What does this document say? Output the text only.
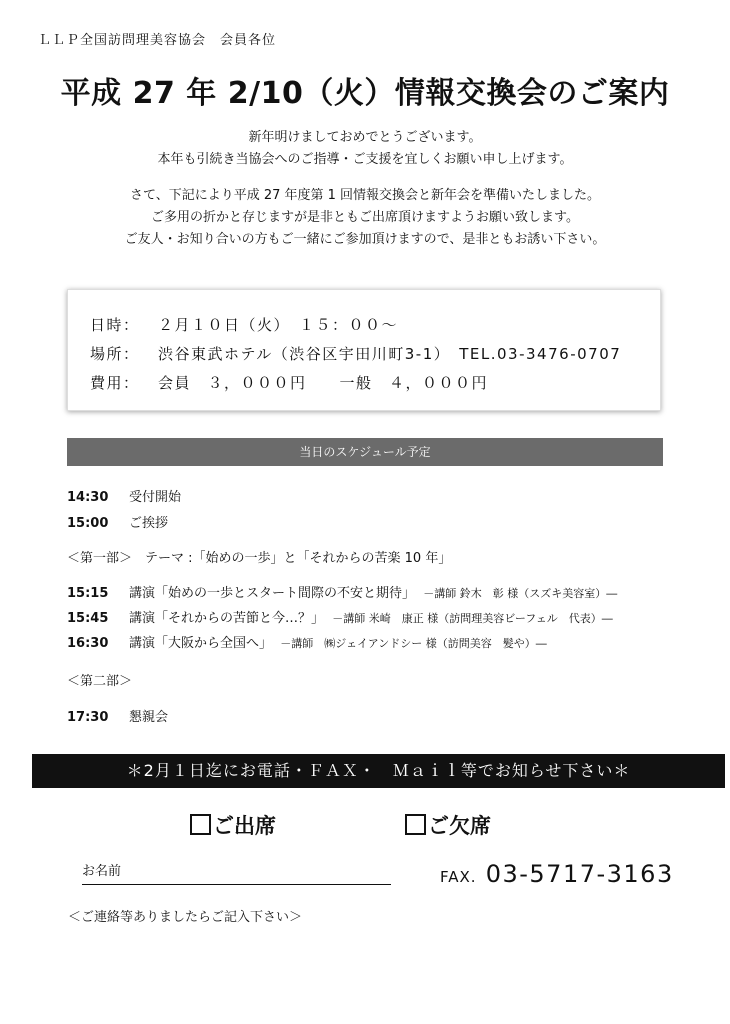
ＬＬＰ全国訪問理美容協会　会員各位
平成 27 年 2/10（火）情報交換会のご案内
新年明けましておめでとうございます。
本年も引続き当協会へのご指導・ご支援を宜しくお願い申し上げます。
さて、下記により平成 27 年度第 1 回情報交換会と新年会を準備いたしました。
ご多用の折かと存じますが是非ともご出席頂けますようお願い致します。
ご友人・お知り合いの方もご一緒にご参加頂けますので、是非ともお誘い下さい。
日時： ２月１０日（火）　１５：００～
場所： 渋谷東武ホテル（渋谷区宇田川町3-1）　TEL.03-3476-0707
費用： 会員　３，０００円　　一般　４，０００円
当日のスケジュール予定
14:30 受付開始
15:00 ご挨拶
＜第一部＞　テーマ :「始めの一歩」と「それからの苦楽 10 年」
15:15 講演「始めの一歩とスタート間際の不安と期待」 －講師 鈴木　彰 様（スズキ美容室）―
15:45 講演「それからの苦節と今…？」 －講師 米崎　康正 様（訪問理美容ビーフェル　代表）―
16:30 講演「大阪から全国へ」 －講師　㈱ジェイアンドシー 様（訪問美容　髪や）―
＜第二部＞
17:30 懇親会
＊2月１日迄にお電話・ＦＡＸ・　Ｍａｉｌ等でお知らせ下さい＊
ご出席	ご欠席
お名前	FAX. 03-5717-3163
＜ご連絡等ありましたらご記入下さい＞
